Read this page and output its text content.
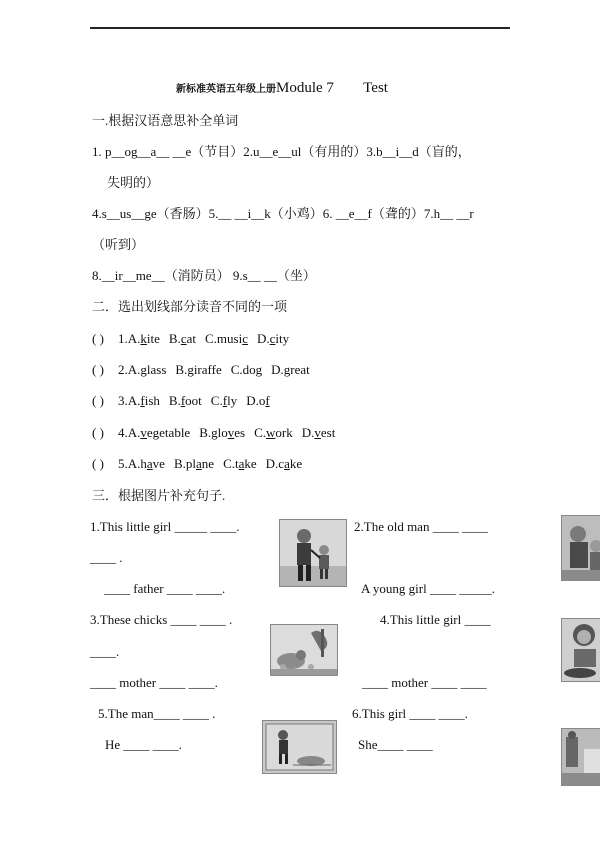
新标准英语五年级上册Module 7 Test
一.根据汉语意思补全单词
1. p__og__a__ __e（节目）2.u__e__ul（有用的）3.b__i__d（盲的，
失明的）
4.s__us__ge（香肠）5.__ __i__k（小鸡）6. __e__f（聋的）7.h__ __r
（听到）
8.__ir__me__（消防员） 9.s__ __（坐）
二．选出划线部分读音不同的一项
( ) 1.A.kite B.cat C.music D.city
( ) 2.A.glass B.giraffe C.dog D.great
( ) 3.A.fish B.foot C.fly D.of
( ) 4.A.vegetable B.gloves C.work D.vest
( ) 5.A.have B.plane C.take D.cake
三．根据图片补充句子.
1.This little girl _____ ____.
____ father ____ ____.
2.The old man ____ ____
____ .
A young girl ____ _____.
3.These chicks ____ ____ .
____.
____ mother ____ ____.
4.This little girl ____
____ mother ____ ____
5.The man____ ____ .
He ____ ____.
6.This girl ____ ____.
She____ ____
